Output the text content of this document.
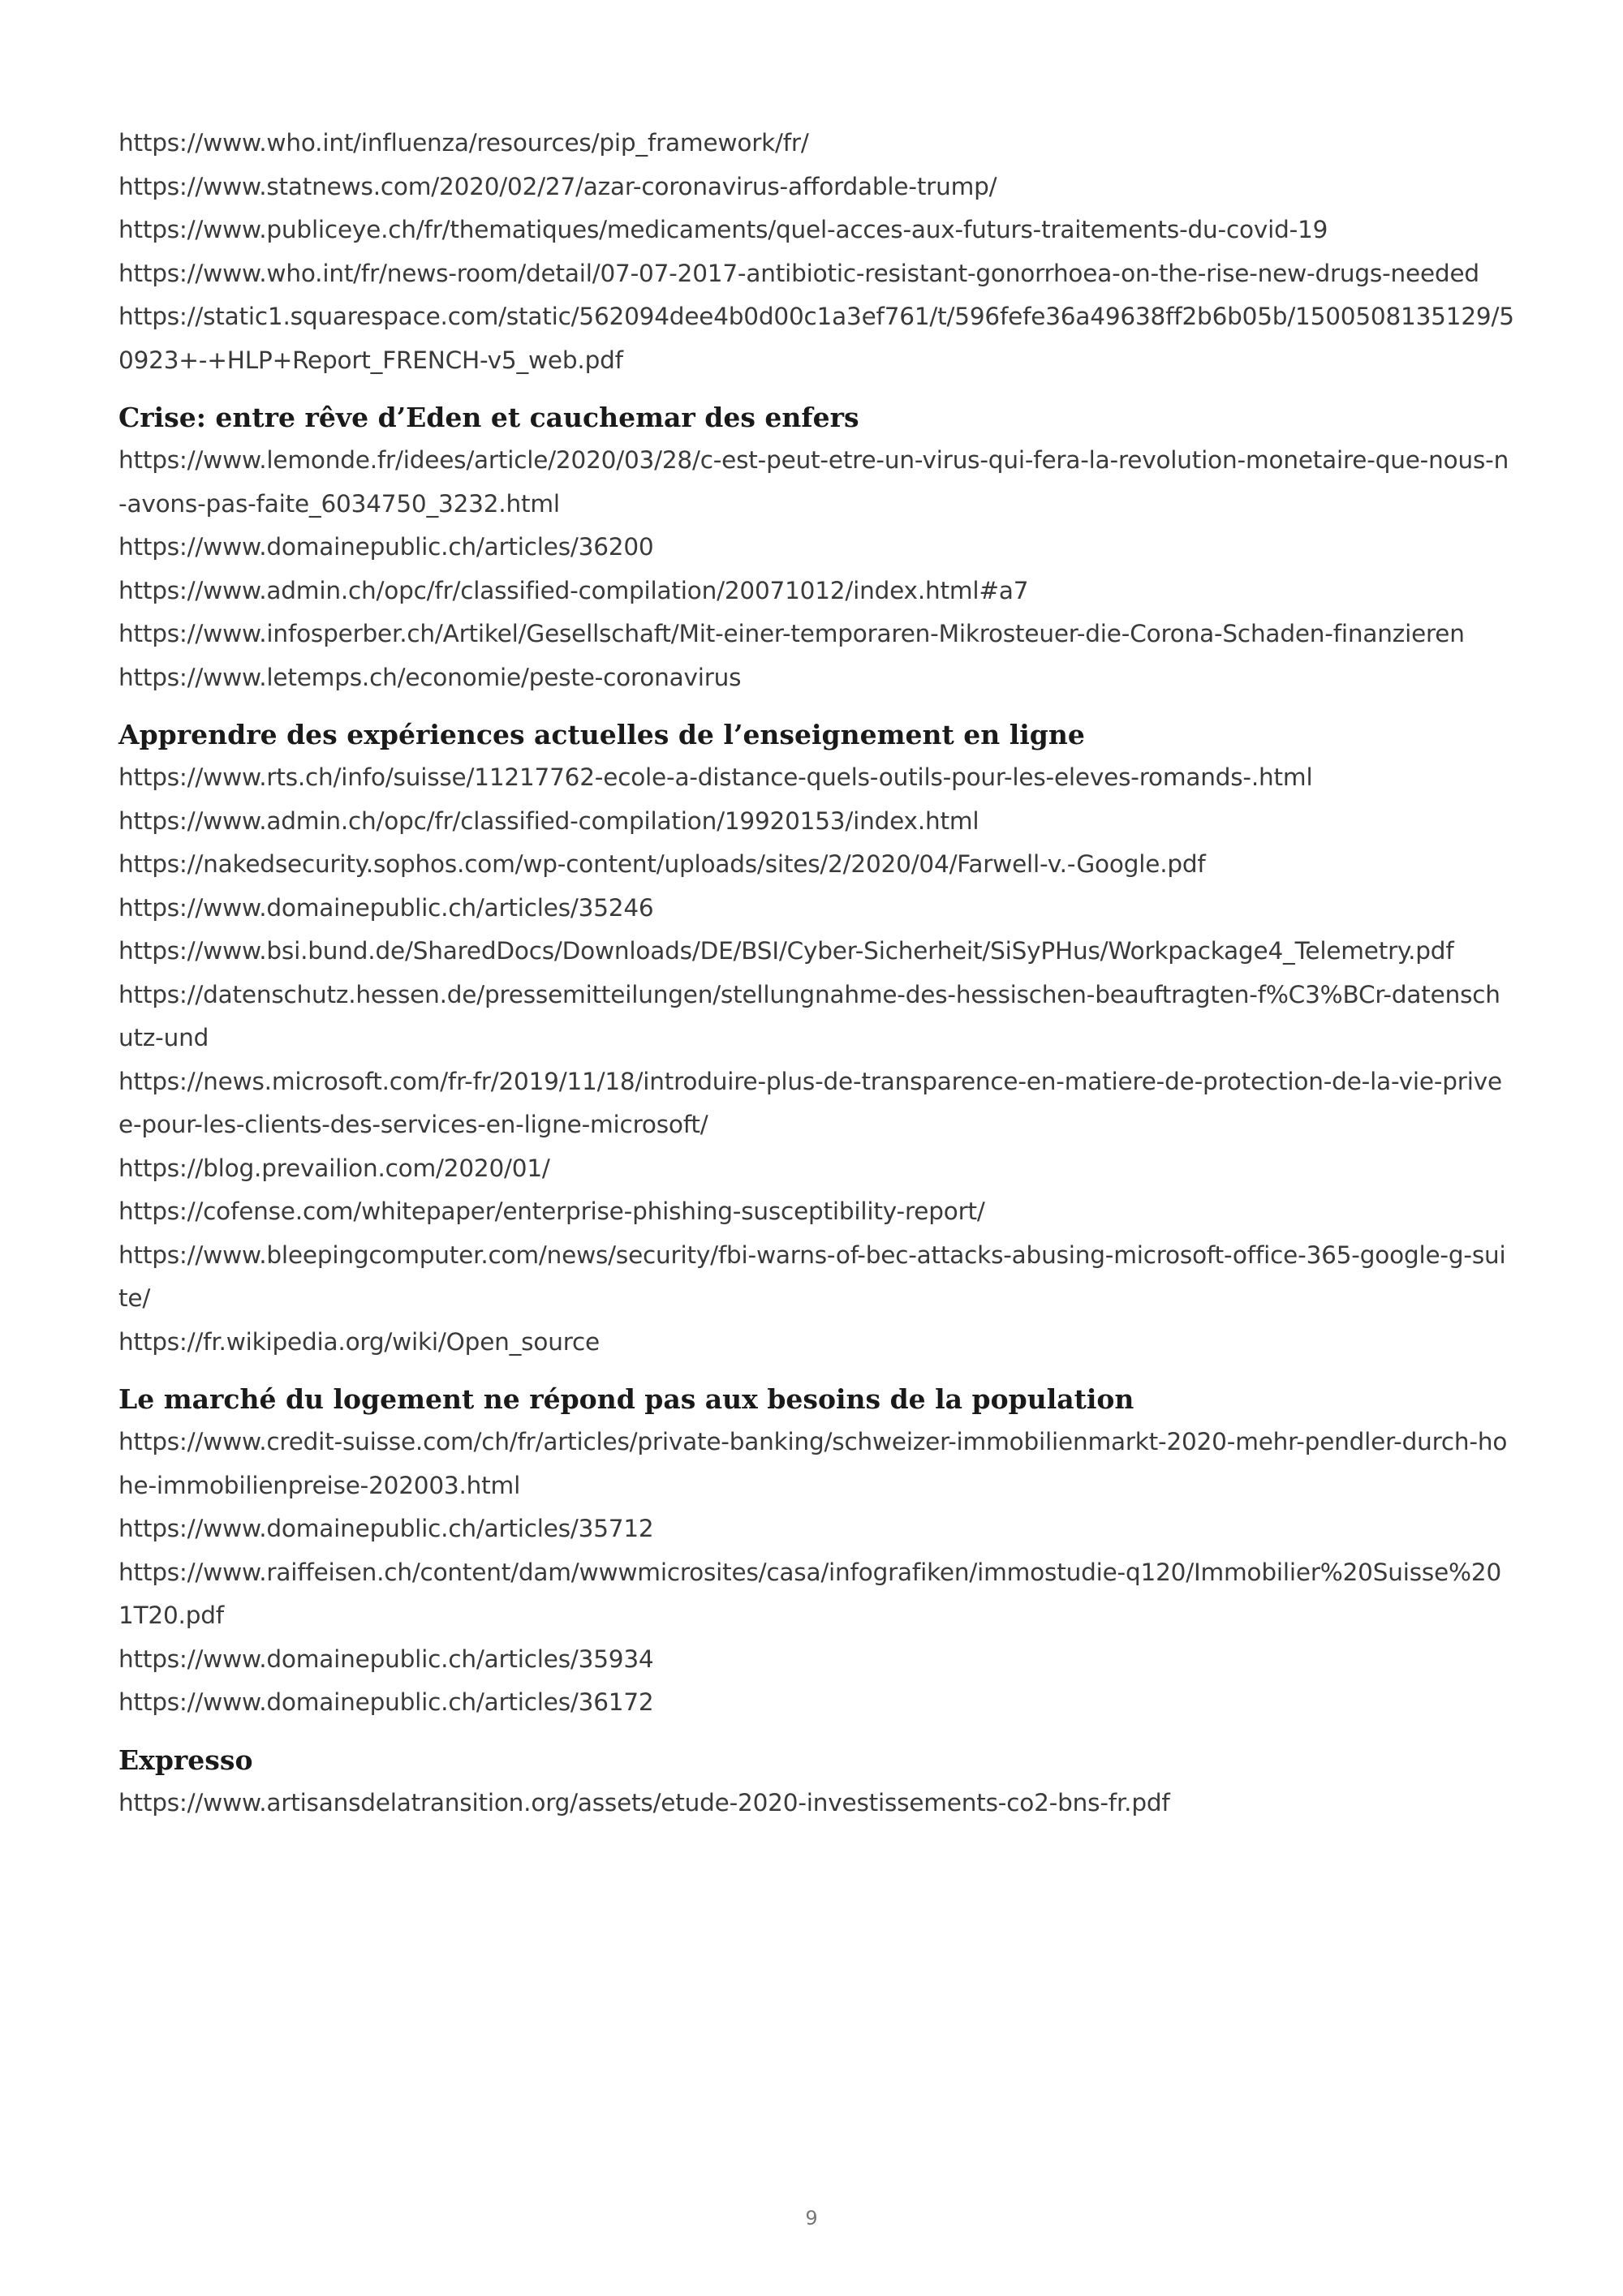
https://www.who.int/influenza/resources/pip_framework/fr/
https://www.statnews.com/2020/02/27/azar-coronavirus-affordable-trump/
https://www.publiceye.ch/fr/thematiques/medicaments/quel-acces-aux-futurs-traitements-du-covid-19
https://www.who.int/fr/news-room/detail/07-07-2017-antibiotic-resistant-gonorrhoea-on-the-rise-new-drugs-needed
https://static1.squarespace.com/static/562094dee4b0d00c1a3ef761/t/596fefe36a49638ff2b6b05b/1500508135129/50923+-+HLP+Report_FRENCH-v5_web.pdf
Crise: entre rêve d’Eden et cauchemar des enfers
https://www.lemonde.fr/idees/article/2020/03/28/c-est-peut-etre-un-virus-qui-fera-la-revolution-monetaire-que-nous-n-avons-pas-faite_6034750_3232.html
https://www.domainepublic.ch/articles/36200
https://www.admin.ch/opc/fr/classified-compilation/20071012/index.html#a7
https://www.infosperber.ch/Artikel/Gesellschaft/Mit-einer-temporaren-Mikrosteuer-die-Corona-Schaden-finanzieren
https://www.letemps.ch/economie/peste-coronavirus
Apprendre des expériences actuelles de l’enseignement en ligne
https://www.rts.ch/info/suisse/11217762-ecole-a-distance-quels-outils-pour-les-eleves-romands-.html
https://www.admin.ch/opc/fr/classified-compilation/19920153/index.html
https://nakedsecurity.sophos.com/wp-content/uploads/sites/2/2020/04/Farwell-v.-Google.pdf
https://www.domainepublic.ch/articles/35246
https://www.bsi.bund.de/SharedDocs/Downloads/DE/BSI/Cyber-Sicherheit/SiSyPHus/Workpackage4_Telemetry.pdf
https://datenschutz.hessen.de/pressemitteilungen/stellungnahme-des-hessischen-beauftragten-f%C3%BCr-datenschutz-und
https://news.microsoft.com/fr-fr/2019/11/18/introduire-plus-de-transparence-en-matiere-de-protection-de-la-vie-privee-pour-les-clients-des-services-en-ligne-microsoft/
https://blog.prevailion.com/2020/01/
https://cofense.com/whitepaper/enterprise-phishing-susceptibility-report/
https://www.bleepingcomputer.com/news/security/fbi-warns-of-bec-attacks-abusing-microsoft-office-365-google-g-suite/
https://fr.wikipedia.org/wiki/Open_source
Le marché du logement ne répond pas aux besoins de la population
https://www.credit-suisse.com/ch/fr/articles/private-banking/schweizer-immobilienmarkt-2020-mehr-pendler-durch-hohe-immobilienpreise-202003.html
https://www.domainepublic.ch/articles/35712
https://www.raiffeisen.ch/content/dam/wwwmicrosites/casa/infografiken/immostudie-q120/Immobilier%20Suisse%201T20.pdf
https://www.domainepublic.ch/articles/35934
https://www.domainepublic.ch/articles/36172
Expresso
https://www.artisansdelatransition.org/assets/etude-2020-investissements-co2-bns-fr.pdf
9
